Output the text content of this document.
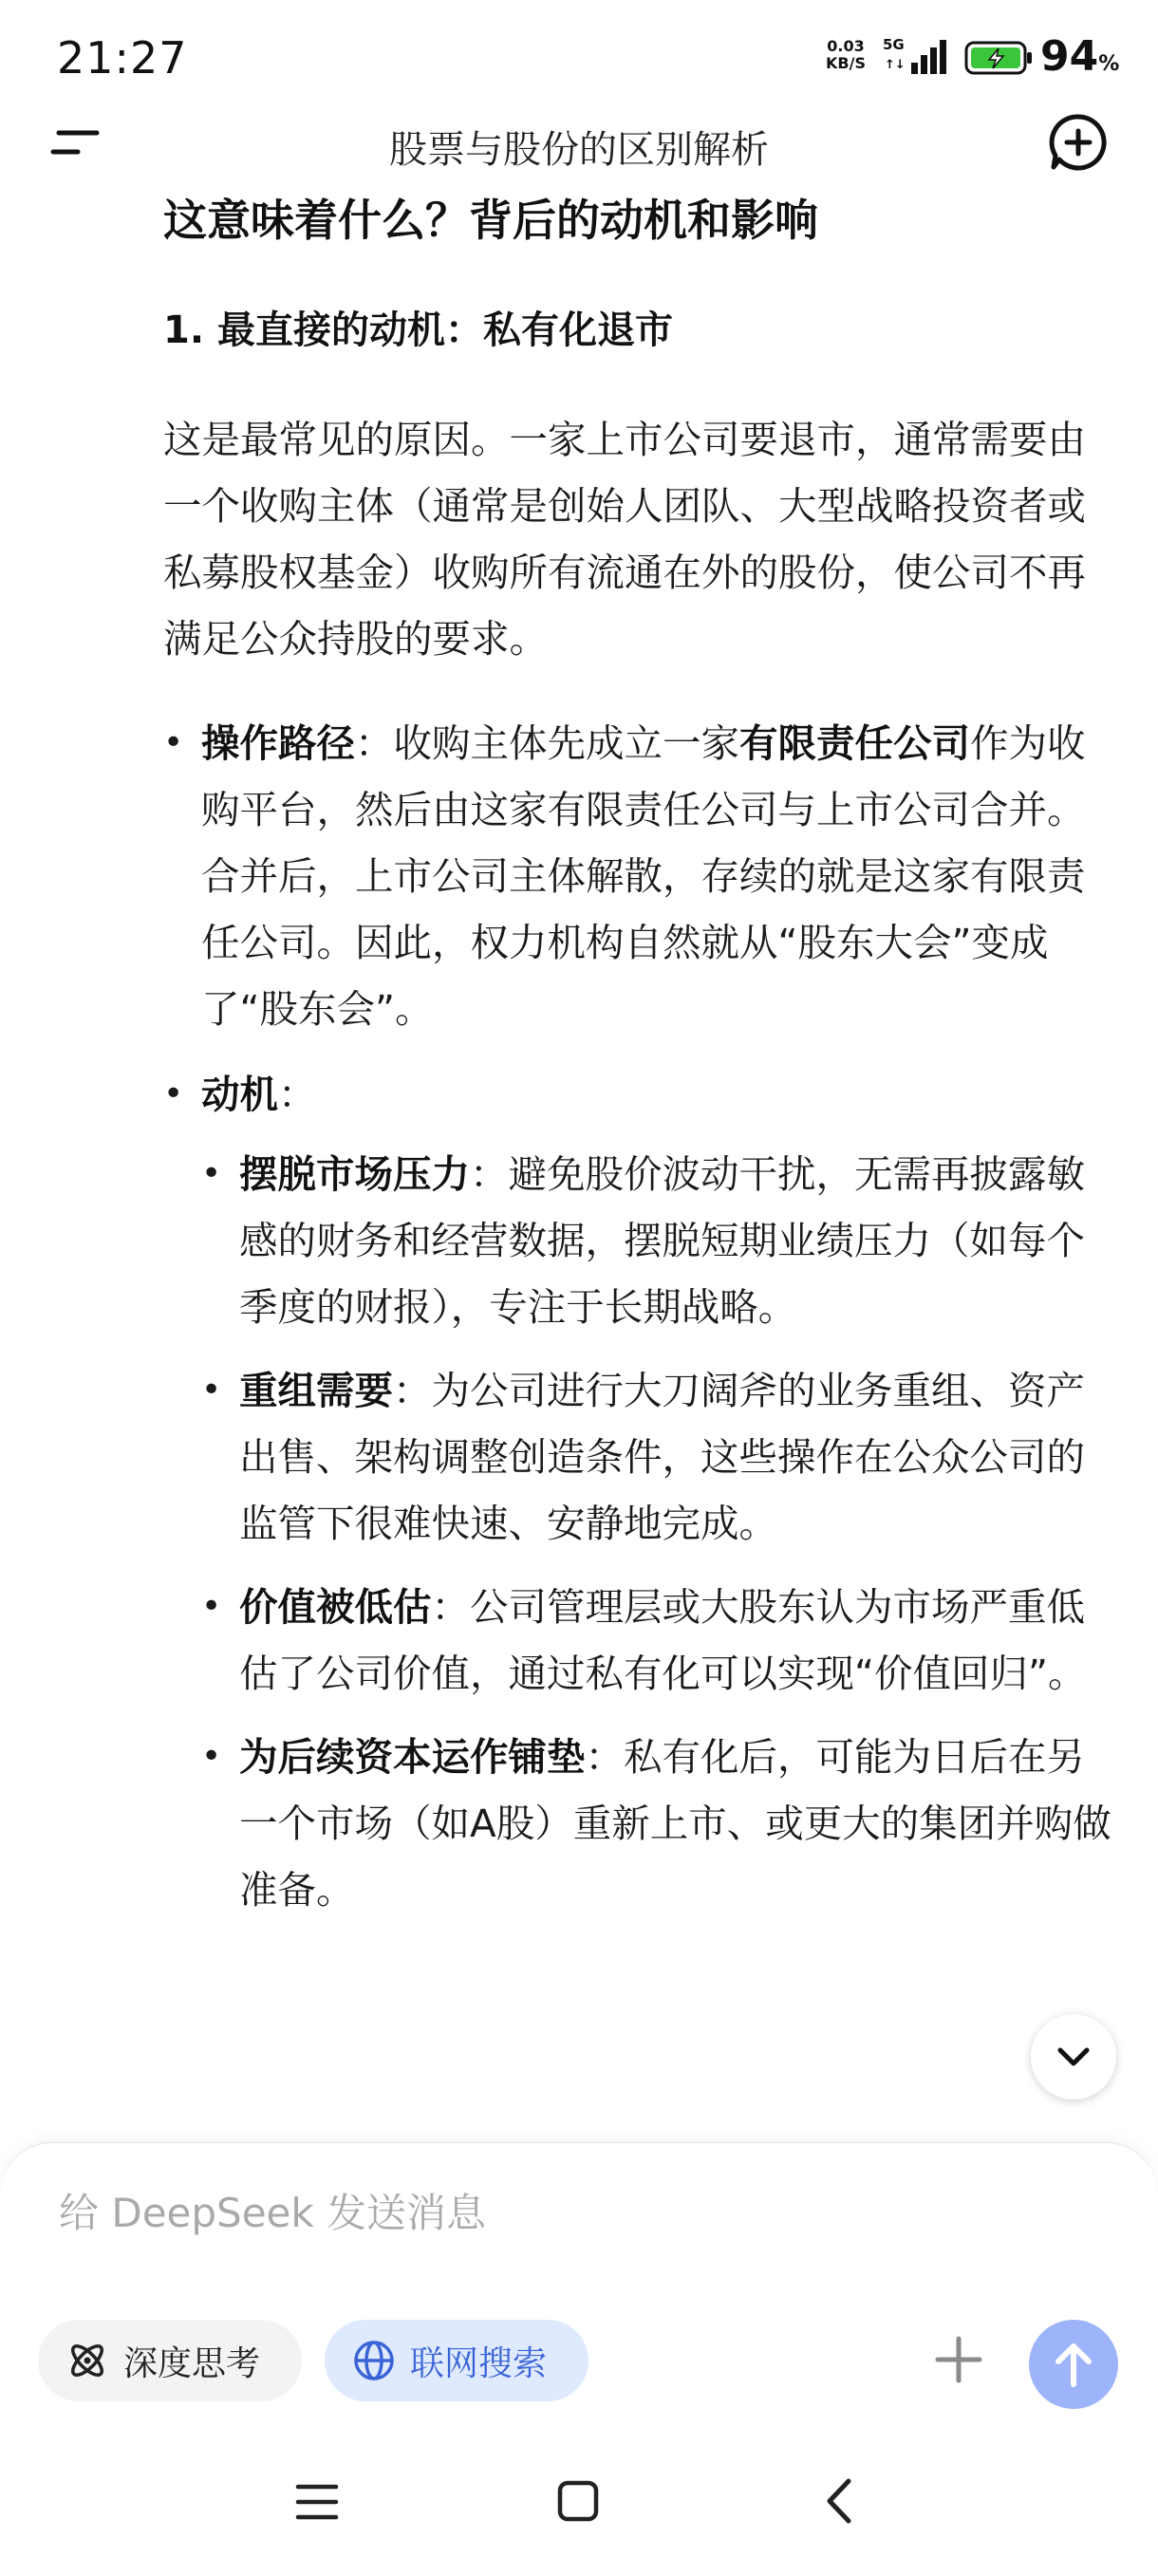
21:27	0.03
KB/S
5G
↑↓	94%
股票与股份的区别解析
这意味着什么？背后的动机和影响
1. 最直接的动机：私有化退市

这是最常见的原因。一家上市公司要退市，通常需要由一个收购主体（通常是创始人团队、大型战略投资者或私募股权基金）收购所有流通在外的股份，使公司不再满足公众持股的要求。

• 操作路径：收购主体先成立一家有限责任公司作为收购平台，然后由这家有限责任公司与上市公司合并。合并后，上市公司主体解散，存续的就是这家有限责任公司。因此，权力机构自然就从“股东大会”变成了“股东会”。
• 动机：
• 摆脱市场压力：避免股价波动干扰，无需再披露敏感的财务和经营数据，摆脱短期业绩压力（如每个季度的财报），专注于长期战略。
• 重组需要：为公司进行大刀阔斧的业务重组、资产出售、架构调整创造条件，这些操作在公众公司的监管下很难快速、安静地完成。
• 价值被低估：公司管理层或大股东认为市场严重低估了公司价值，通过私有化可以实现“价值回归”。
• 为后续资本运作铺垫：私有化后，可能为日后在另一个市场（如A股）重新上市、或更大的集团并购做准备。
给 DeepSeek 发送消息
深度思考	联网搜索
